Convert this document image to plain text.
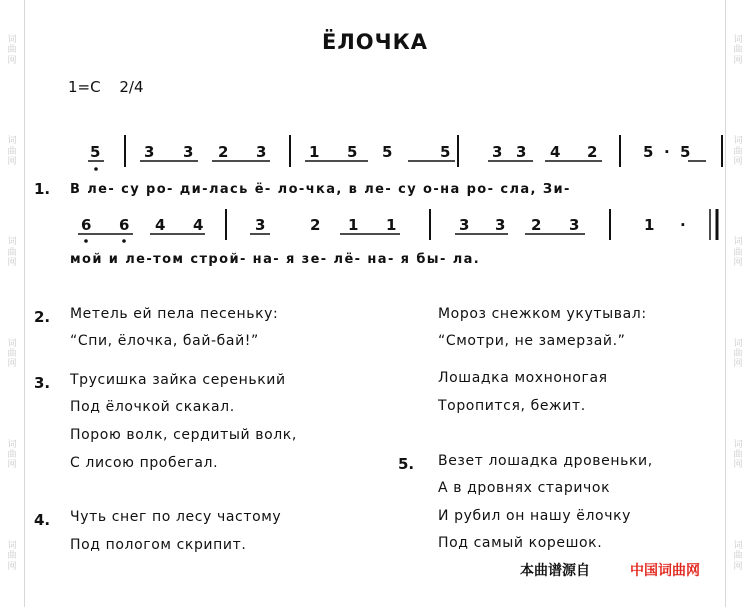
词
曲
网
词
曲
网
词
曲
网
词
曲
网
词
曲
网
词
曲
网
词
曲
网
词
曲
网
词
曲
网
词
曲
网
词
曲
网
词
曲
网
ЁЛОЧКА
1=C 2/4
5	3 3 2 3	1 5 5	5	3 3 4 2	5 · 5
1. В ле- су ро- ди-лась ё- ло-чка, в ле- су о-на ро- сла, Зи-
6 6 4 4	3	2 1 1	3 3 2 3	1 ·
мой и ле-том строй- на- я зе- лё- на- я бы- ла.
2. Метель ей пела песеньку:
“Спи, ёлочка, бай-бай!”
Мороз снежком укутывал:
“Смотри, не замерзай.”
3. Трусишка зайка серенький
Под ёлочкой скакал.
Порою волк, сердитый волк,
С лисою пробегал.
Лошадка мохноногая
Торопится, бежит.
4. Чуть снег по лесу частому
Под пологом скрипит.
5. Везет лошадка дровеньки,
А в дровнях старичок
И рубил он нашу ёлочку
Под самый корешок.
本曲谱源自	中国词曲网
